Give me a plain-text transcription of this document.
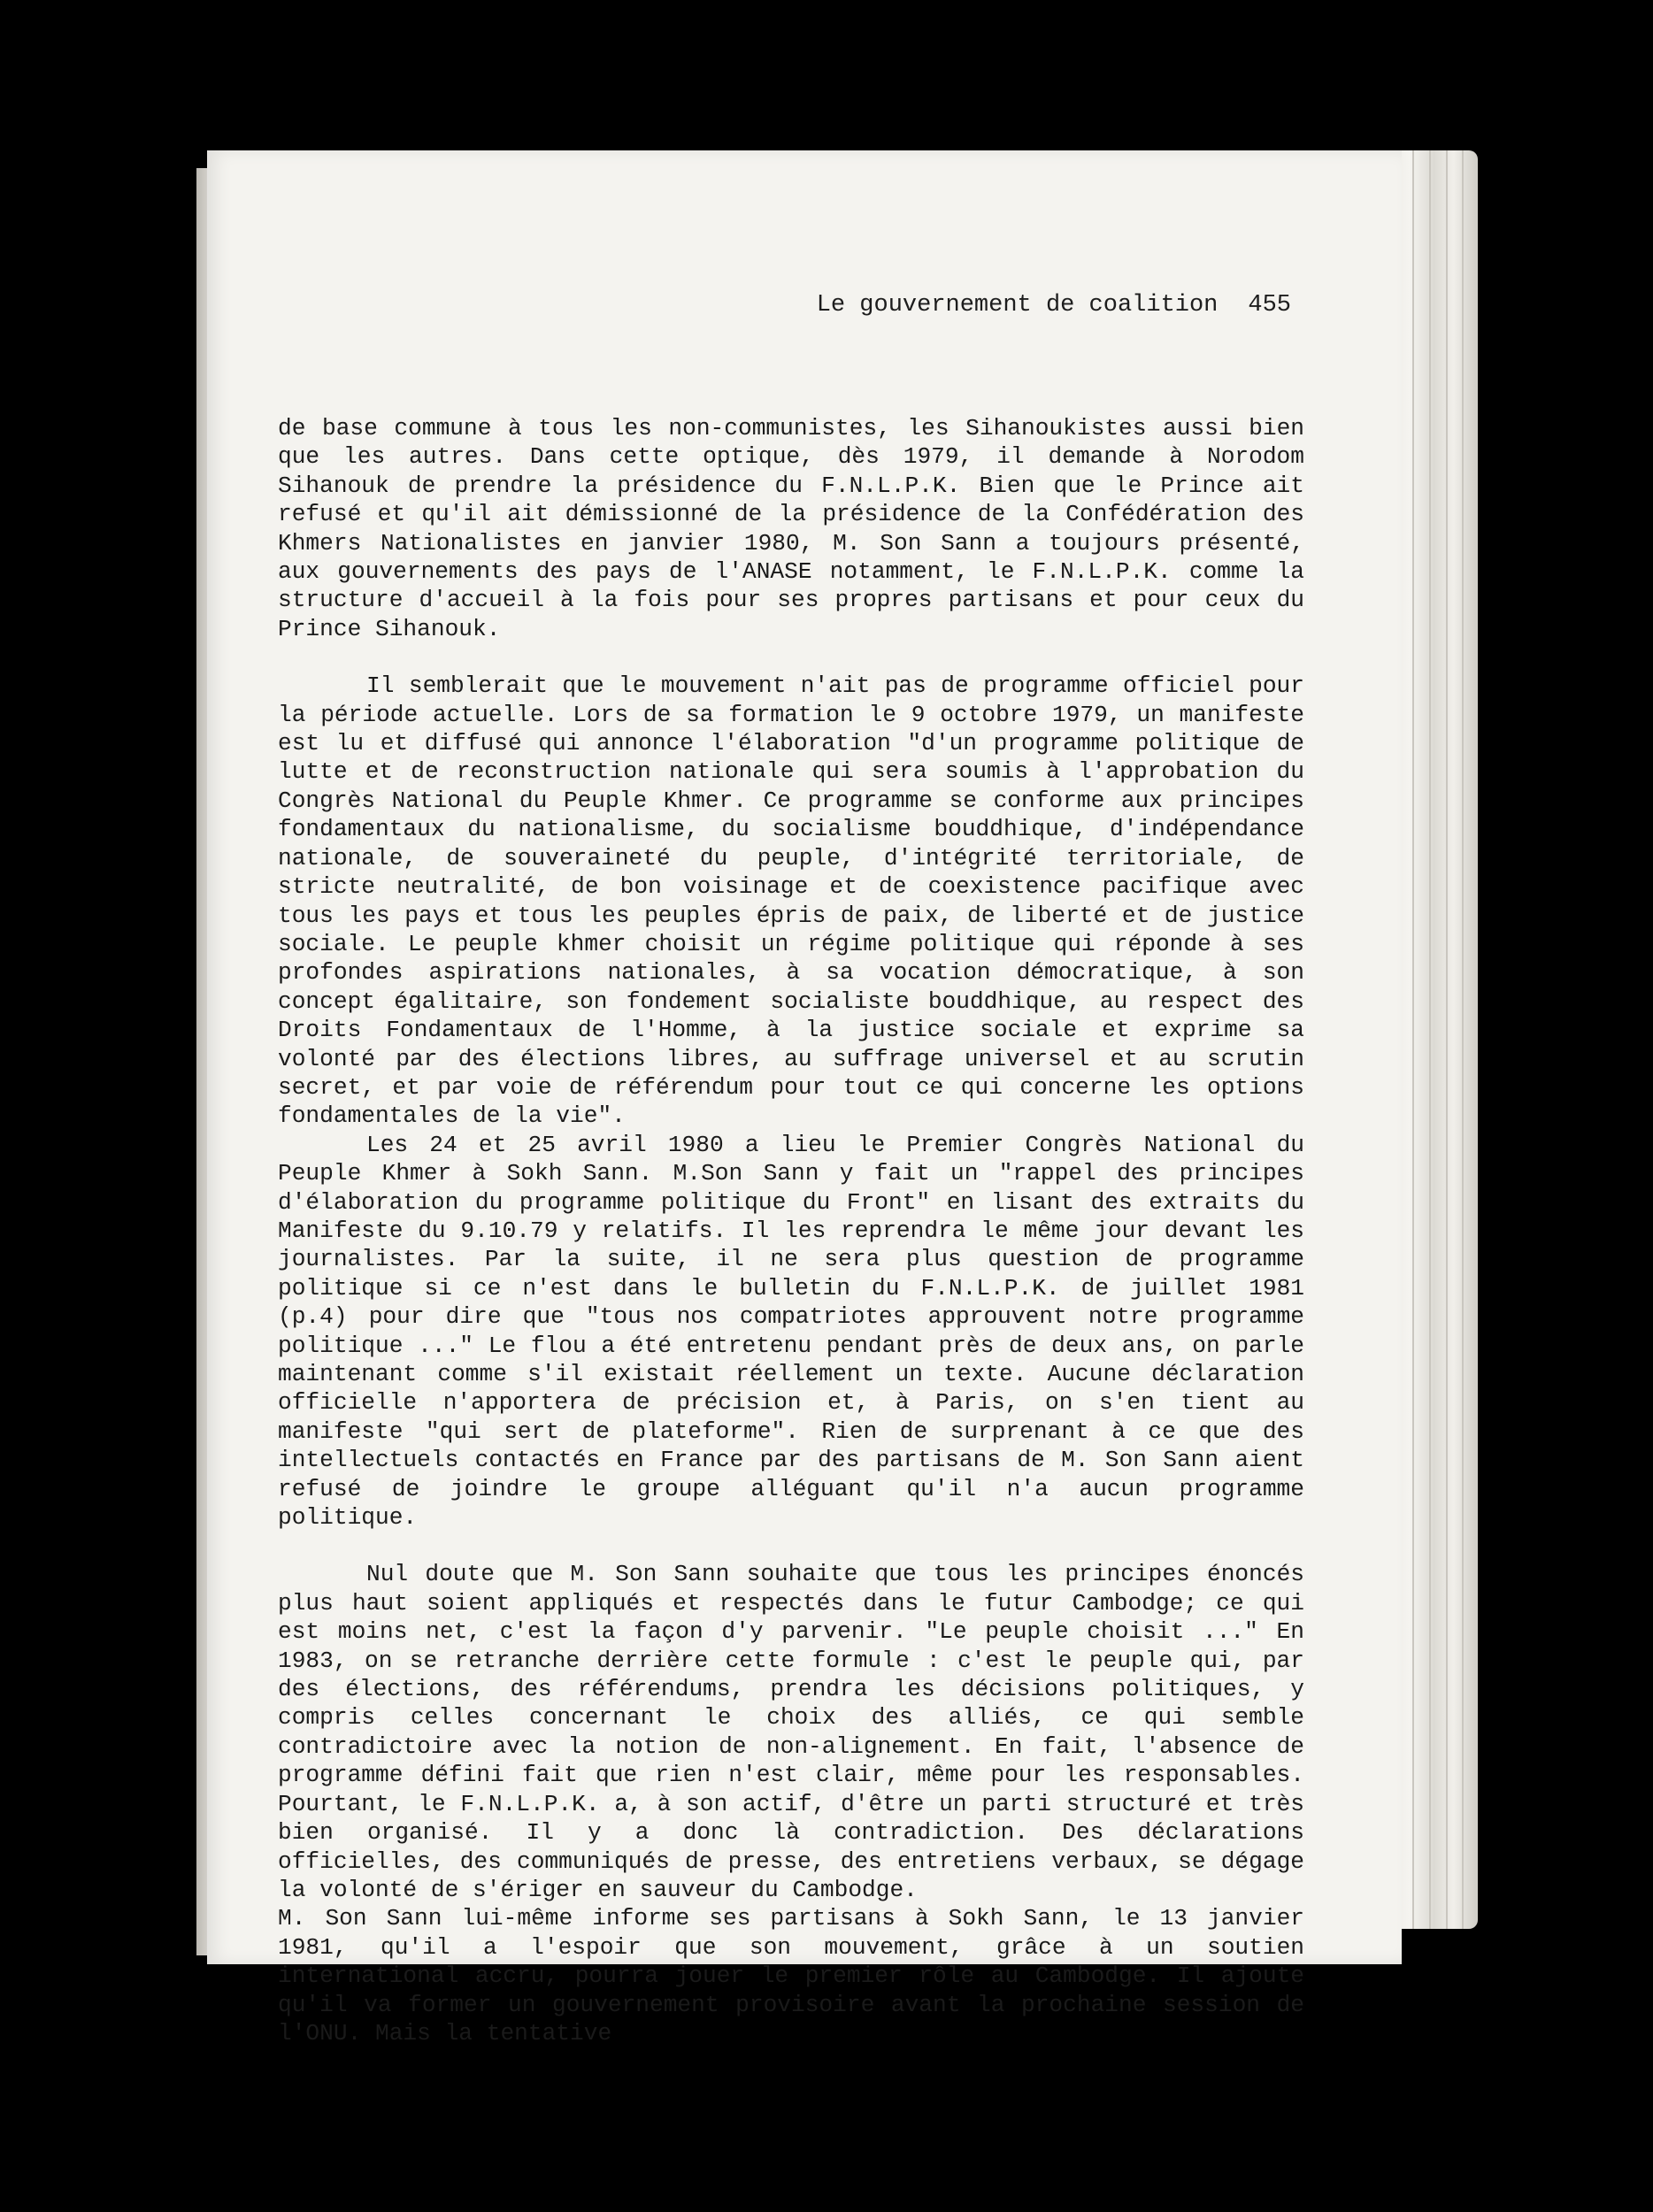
Le gouvernement de coalition 455

de base commune à tous les non-communistes, les Sihanoukistes aussi bien que les autres. Dans cette optique, dès 1979, il demande à Norodom Sihanouk de prendre la présidence du F.N.L.P.K. Bien que le Prince ait refusé et qu'il ait démissionné de la présidence de la Confédération des Khmers Nationalistes en janvier 1980, M. Son Sann a toujours présenté, aux gouvernements des pays de l'ANASE notamment, le F.N.L.P.K. comme la structure d'accueil à la fois pour ses propres partisans et pour ceux du Prince Sihanouk.

Il semblerait que le mouvement n'ait pas de programme officiel pour la période actuelle. Lors de sa formation le 9 octobre 1979, un manifeste est lu et diffusé qui annonce l'élaboration "d'un programme politique de lutte et de reconstruction nationale qui sera soumis à l'approbation du Congrès National du Peuple Khmer. Ce programme se conforme aux principes fondamentaux du nationalisme, du socialisme bouddhique, d'indépendance nationale, de souveraineté du peuple, d'intégrité territoriale, de stricte neutralité, de bon voisinage et de coexistence pacifique avec tous les pays et tous les peuples épris de paix, de liberté et de justice sociale. Le peuple khmer choisit un régime politique qui réponde à ses profondes aspirations nationales, à sa vocation démocratique, à son concept égalitaire, son fondement socialiste bouddhique, au respect des Droits Fondamentaux de l'Homme, à la justice sociale et exprime sa volonté par des élections libres, au suffrage universel et au scrutin secret, et par voie de référendum pour tout ce qui concerne les options fondamentales de la vie".

Les 24 et 25 avril 1980 a lieu le Premier Congrès National du Peuple Khmer à Sokh Sann. M.Son Sann y fait un "rappel des principes d'élaboration du programme politique du Front" en lisant des extraits du Manifeste du 9.10.79 y relatifs. Il les reprendra le même jour devant les journalistes. Par la suite, il ne sera plus question de programme politique si ce n'est dans le bulletin du F.N.L.P.K. de juillet 1981 (p.4) pour dire que "tous nos compatriotes approuvent notre programme politique ..." Le flou a été entretenu pendant près de deux ans, on parle maintenant comme s'il existait réellement un texte. Aucune déclaration officielle n'apportera de précision et, à Paris, on s'en tient au manifeste "qui sert de plateforme". Rien de surprenant à ce que des intellectuels contactés en France par des partisans de M. Son Sann aient refusé de joindre le groupe alléguant qu'il n'a aucun programme politique.

Nul doute que M. Son Sann souhaite que tous les principes énoncés plus haut soient appliqués et respectés dans le futur Cambodge; ce qui est moins net, c'est la façon d'y parvenir. "Le peuple choisit ..." En 1983, on se retranche derrière cette formule : c'est le peuple qui, par des élections, des référendums, prendra les décisions politiques, y compris celles concernant le choix des alliés, ce qui semble contradictoire avec la notion de non-alignement. En fait, l'absence de programme défini fait que rien n'est clair, même pour les responsables. Pourtant, le F.N.L.P.K. a, à son actif, d'être un parti structuré et très bien organisé. Il y a donc là contradiction. Des déclarations officielles, des communiqués de presse, des entretiens verbaux, se dégage la volonté de s'ériger en sauveur du Cambodge.

M. Son Sann lui-même informe ses partisans à Sokh Sann, le 13 janvier 1981, qu'il a l'espoir que son mouvement, grâce à un soutien international accru, pourra jouer le premier rôle au Cambodge. Il ajoute qu'il va former un gouvernement provisoire avant la prochaine session de l'ONU. Mais la tentative
